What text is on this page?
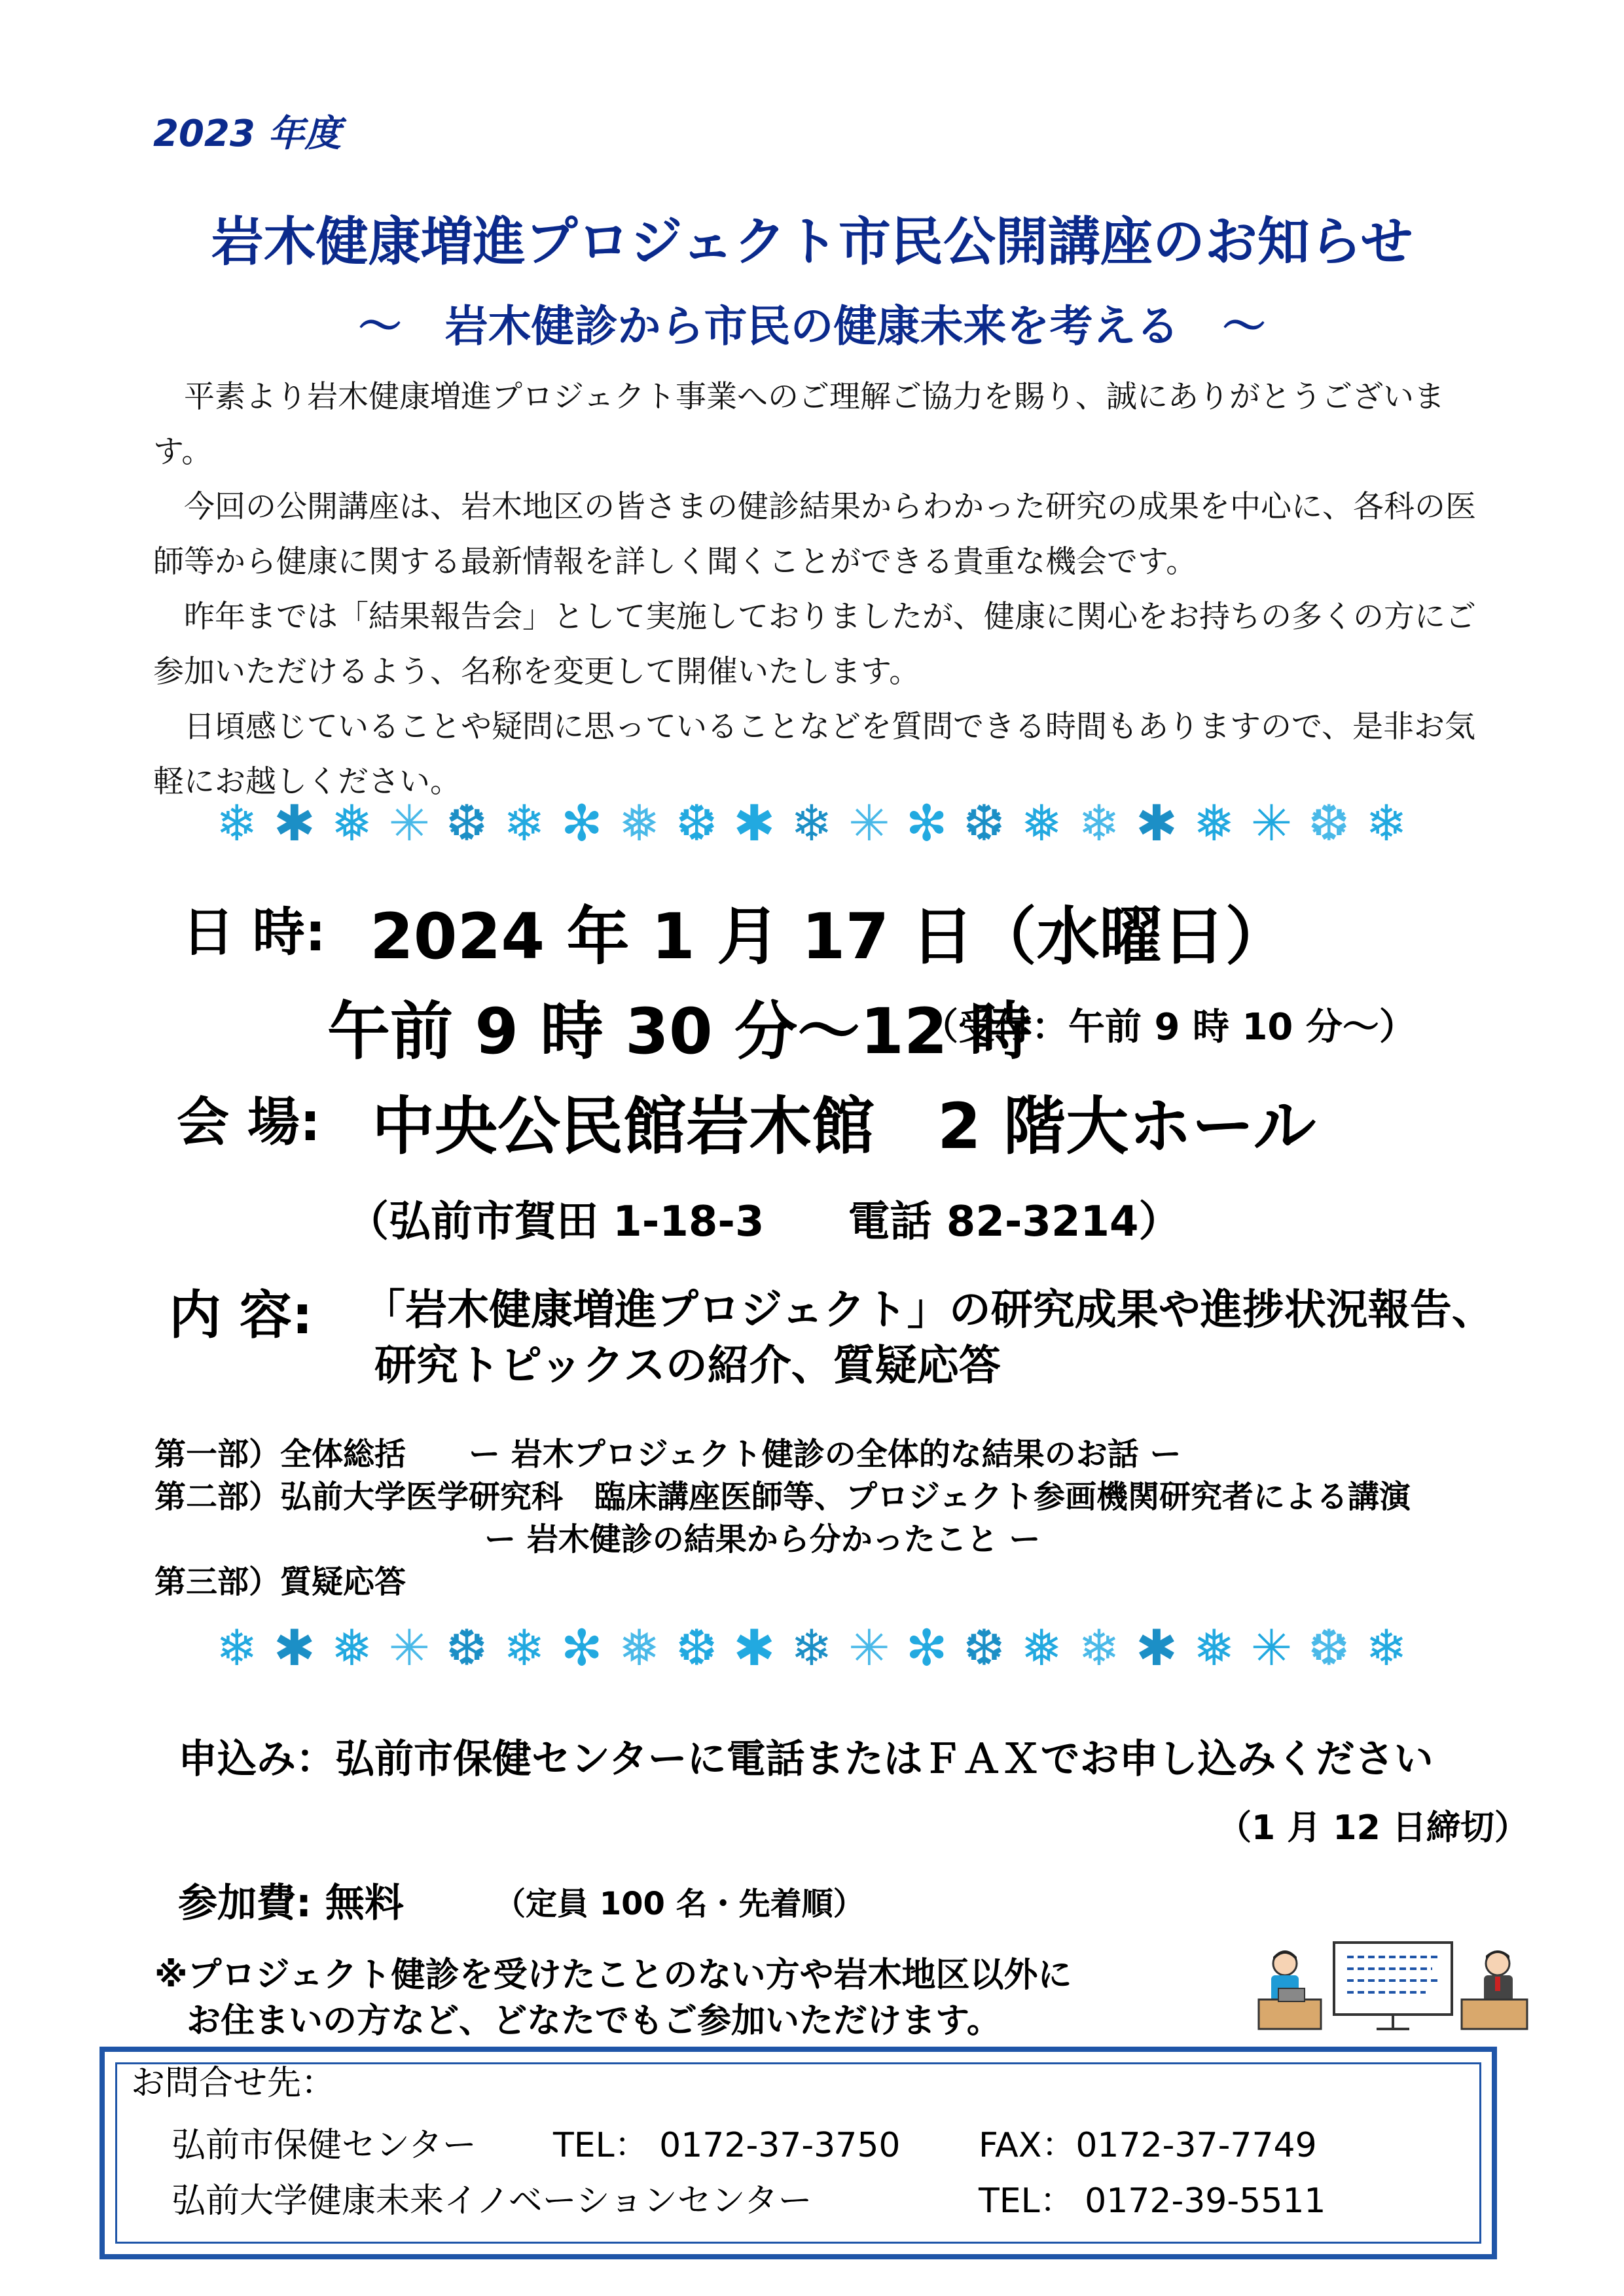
2023 年度
岩木健康増進プロジェクト市民公開講座のお知らせ
～　岩木健診から市民の健康未来を考える　～

平素より岩木健康増進プロジェクト事業へのご理解ご協力を賜り、誠にありがとうございます。

今回の公開講座は、岩木地区の皆さまの健診結果からわかった研究の成果を中心に、各科の医師等から健康に関する最新情報を詳しく聞くことができる貴重な機会です。

昨年までは「結果報告会」として実施しておりましたが、健康に関心をお持ちの多くの方にご参加いただけるよう、名称を変更して開催いたします。

日頃感じていることや疑問に思っていることなどを質問できる時間もありますので、是非お気軽にお越しください。

❄ ✱ ❅ ✳ ❆ ❄ ✻ ❅ ❆ ✱ ❄ ✳ ✻ ❆ ❅ ❄ ✱ ❅ ✳ ❆ ❄
日 時: 2024 年 1 月 17 日（水曜日）
午前 9 時 30 分～12 時
（受付：午前 9 時 10 分～）
会 場: 中央公民館岩木館　2 階大ホール
（弘前市賀田 1-18-3　　電話 82-3214）
内 容: 「岩木健康増進プロジェクト」の研究成果や進捗状況報告、
研究トピックスの紹介、質疑応答
第一部）全体総括　　ー 岩木プロジェクト健診の全体的な結果のお話 ー
第二部）弘前大学医学研究科　臨床講座医師等、プロジェクト参画機関研究者による講演
ー 岩木健診の結果から分かったこと ー
第三部）質疑応答
❄ ✱ ❅ ✳ ❆ ❄ ✻ ❅ ❆ ✱ ❄ ✳ ✻ ❆ ❅ ❄ ✱ ❅ ✳ ❆ ❄
申込み：弘前市保健センターに電話またはＦＡＸでお申し込みください
（1 月 12 日締切）
参加費: 無料	（定員 100 名・先着順）
※プロジェクト健診を受けたことのない方や岩木地区以外に
お住まいの方など、どなたでもご参加いただけます。
お問合せ先：
弘前市保健センター TEL： 0172-37-3750 FAX：0172-37-7749
弘前大学健康未来イノベーションセンター	TEL： 0172-39-5511
